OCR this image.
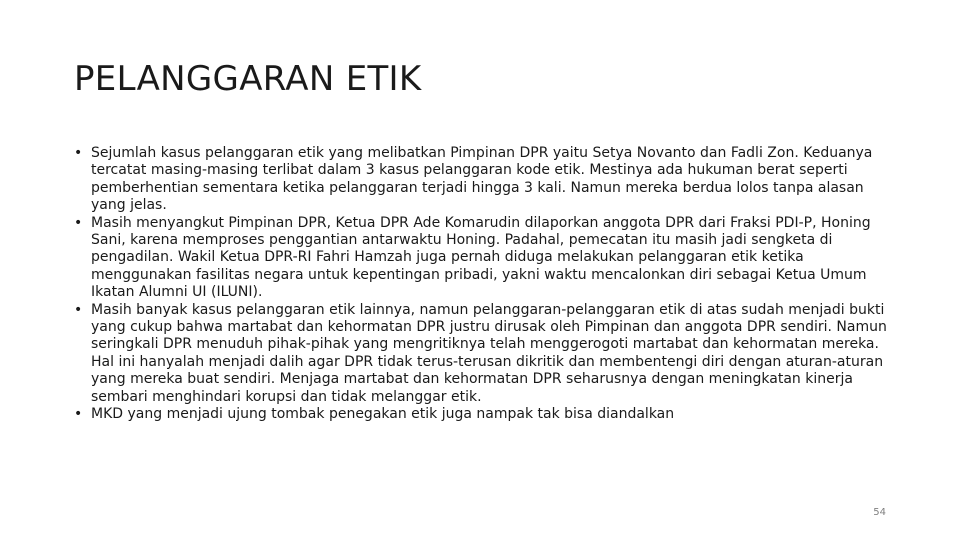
PELANGGARAN ETIK
• Sejumlah kasus pelanggaran etik yang melibatkan Pimpinan DPR yaitu Setya Novanto dan Fadli Zon. Keduanya tercatat masing-masing terlibat dalam 3 kasus pelanggaran kode etik. Mestinya ada hukuman berat seperti pemberhentian sementara ketika pelanggaran terjadi hingga 3 kali. Namun mereka berdua lolos tanpa alasan yang jelas.
• Masih menyangkut Pimpinan DPR, Ketua DPR Ade Komarudin dilaporkan anggota DPR dari Fraksi PDI-P, Honing Sani, karena memproses penggantian antarwaktu Honing. Padahal, pemecatan itu masih jadi sengketa di pengadilan. Wakil Ketua DPR-RI Fahri Hamzah juga pernah diduga melakukan pelanggaran etik ketika menggunakan fasilitas negara untuk kepentingan pribadi, yakni waktu mencalonkan diri sebagai Ketua Umum Ikatan Alumni UI (ILUNI).
• Masih banyak kasus pelanggaran etik lainnya, namun pelanggaran-pelanggaran etik di atas sudah menjadi bukti yang cukup bahwa martabat dan kehormatan DPR justru dirusak oleh Pimpinan dan anggota DPR sendiri. Namun seringkali DPR menuduh pihak-pihak yang mengritiknya telah menggerogoti martabat dan kehormatan mereka. Hal ini hanyalah menjadi dalih agar DPR tidak terus-terusan dikritik dan membentengi diri dengan aturan-aturan yang mereka buat sendiri. Menjaga martabat dan kehormatan DPR seharusnya dengan meningkatan kinerja sembari menghindari korupsi dan tidak melanggar etik.
• MKD yang menjadi ujung tombak penegakan etik juga nampak tak bisa diandalkan
54
